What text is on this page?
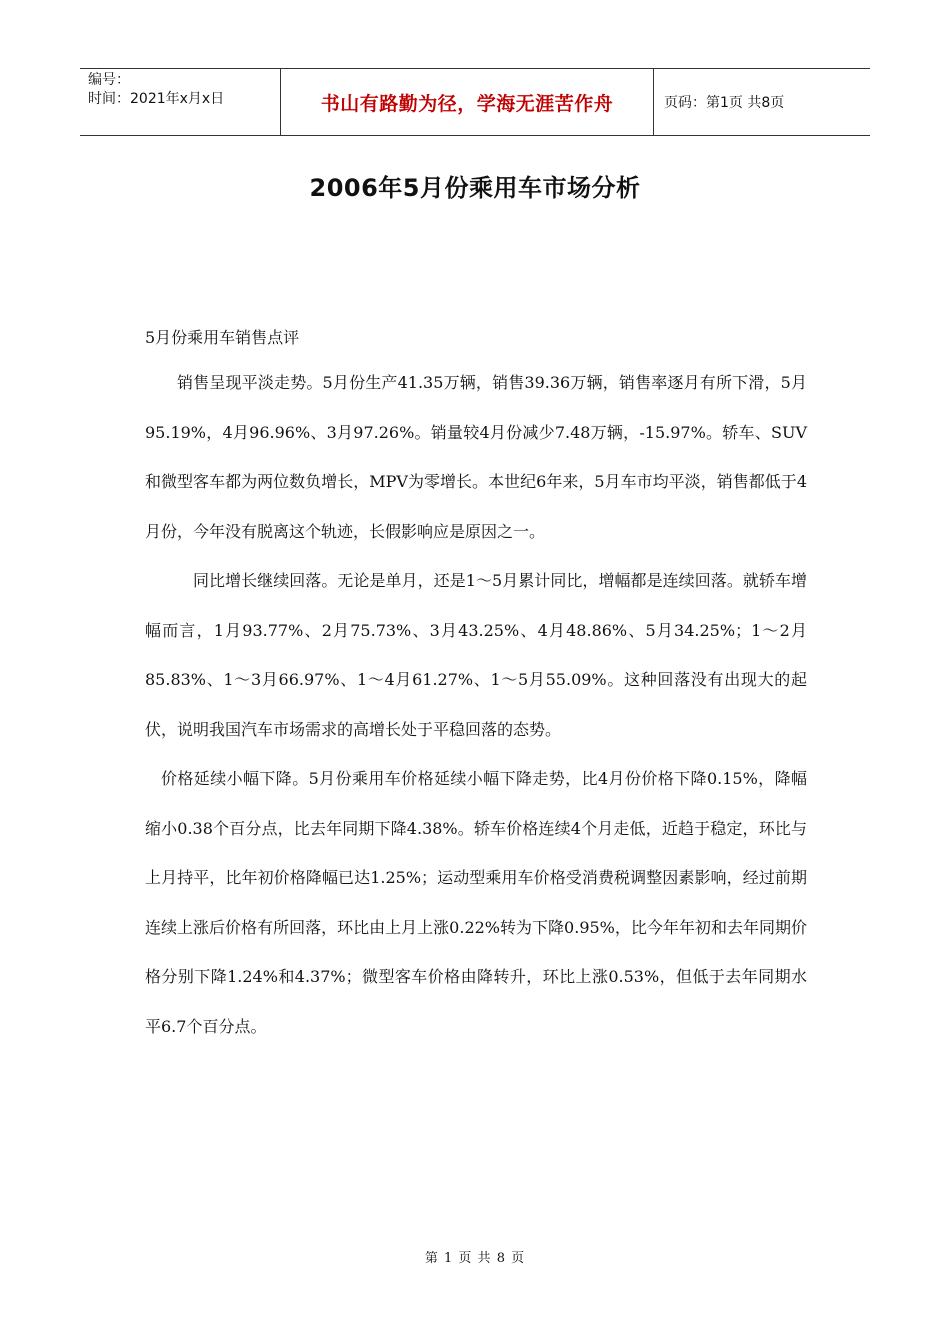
编号：
时间：2021年x月x日	书山有路勤为径，学海无涯苦作舟	页码：第1页 共8页
2006年5月份乘用车市场分析
5月份乘用车销售点评

销售呈现平淡走势。5月份生产41.35万辆，销售39.36万辆，销售率逐月有所下滑，5月95.19%，4月96.96%、3月97.26%。销量较4月份减少7.48万辆，-15.97%。轿车、SUV和微型客车都为两位数负增长，MPV为零增长。本世纪6年来，5月车市均平淡，销售都低于4月份，今年没有脱离这个轨迹，长假影响应是原因之一。

同比增长继续回落。无论是单月，还是1～5月累计同比，增幅都是连续回落。就轿车增幅而言，1月93.77%、2月75.73%、3月43.25%、4月48.86%、5月34.25%；1～2月85.83%、1～3月66.97%、1～4月61.27%、1～5月55.09%。这种回落没有出现大的起伏，说明我国汽车市场需求的高增长处于平稳回落的态势。

价格延续小幅下降。5月份乘用车价格延续小幅下降走势，比4月份价格下降0.15%，降幅缩小0.38个百分点，比去年同期下降4.38%。轿车价格连续4个月走低，近趋于稳定，环比与上月持平，比年初价格降幅已达1.25%；运动型乘用车价格受消费税调整因素影响，经过前期连续上涨后价格有所回落，环比由上月上涨0.22%转为下降0.95%，比今年年初和去年同期价格分别下降1.24%和4.37%；微型客车价格由降转升，环比上涨0.53%，但低于去年同期水平6.7个百分点。

第 1 页 共 8 页
